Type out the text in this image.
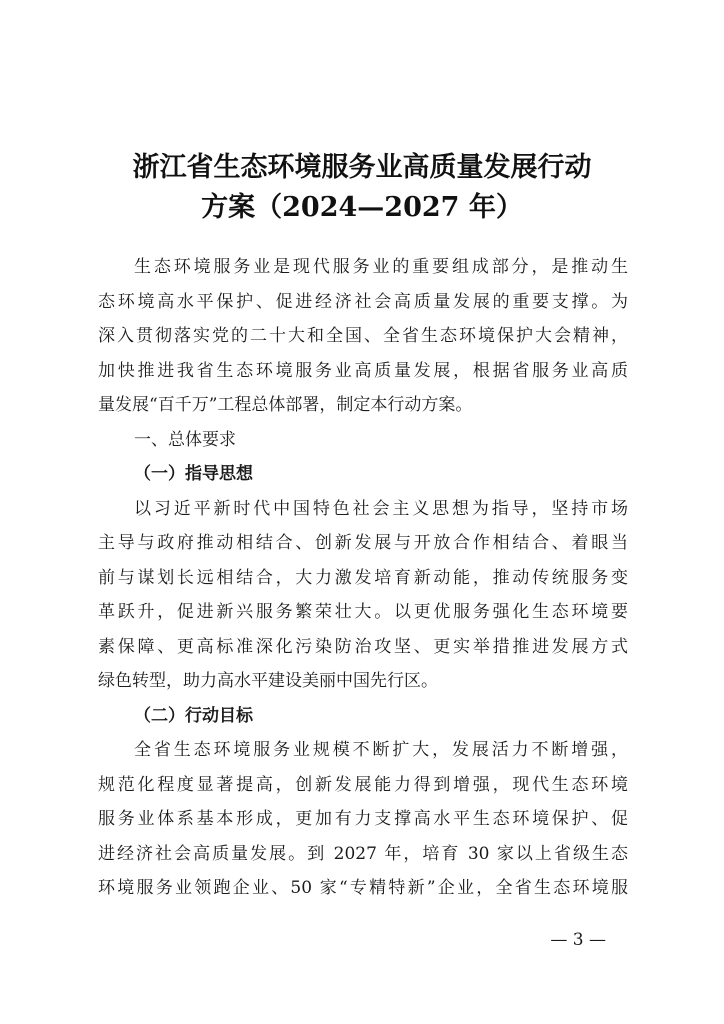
浙江省生态环境服务业高质量发展行动
方案（2024—2027 年）
生态环境服务业是现代服务业的重要组成部分，是推动生
态环境高水平保护、促进经济社会高质量发展的重要支撑。为
深入贯彻落实党的二十大和全国、全省生态环境保护大会精神，
加快推进我省生态环境服务业高质量发展，根据省服务业高质
量发展“百千万”工程总体部署，制定本行动方案。
一、总体要求
（一）指导思想
以习近平新时代中国特色社会主义思想为指导，坚持市场
主导与政府推动相结合、创新发展与开放合作相结合、着眼当
前与谋划长远相结合，大力激发培育新动能，推动传统服务变
革跃升，促进新兴服务繁荣壮大。以更优服务强化生态环境要
素保障、更高标准深化污染防治攻坚、更实举措推进发展方式
绿色转型，助力高水平建设美丽中国先行区。
（二）行动目标
全省生态环境服务业规模不断扩大，发展活力不断增强，
规范化程度显著提高，创新发展能力得到增强，现代生态环境
服务业体系基本形成，更加有力支撑高水平生态环境保护、促
进经济社会高质量发展。到 2027 年，培育 30 家以上省级生态
环境服务业领跑企业、50 家“专精特新”企业，全省生态环境服
— 3 —
